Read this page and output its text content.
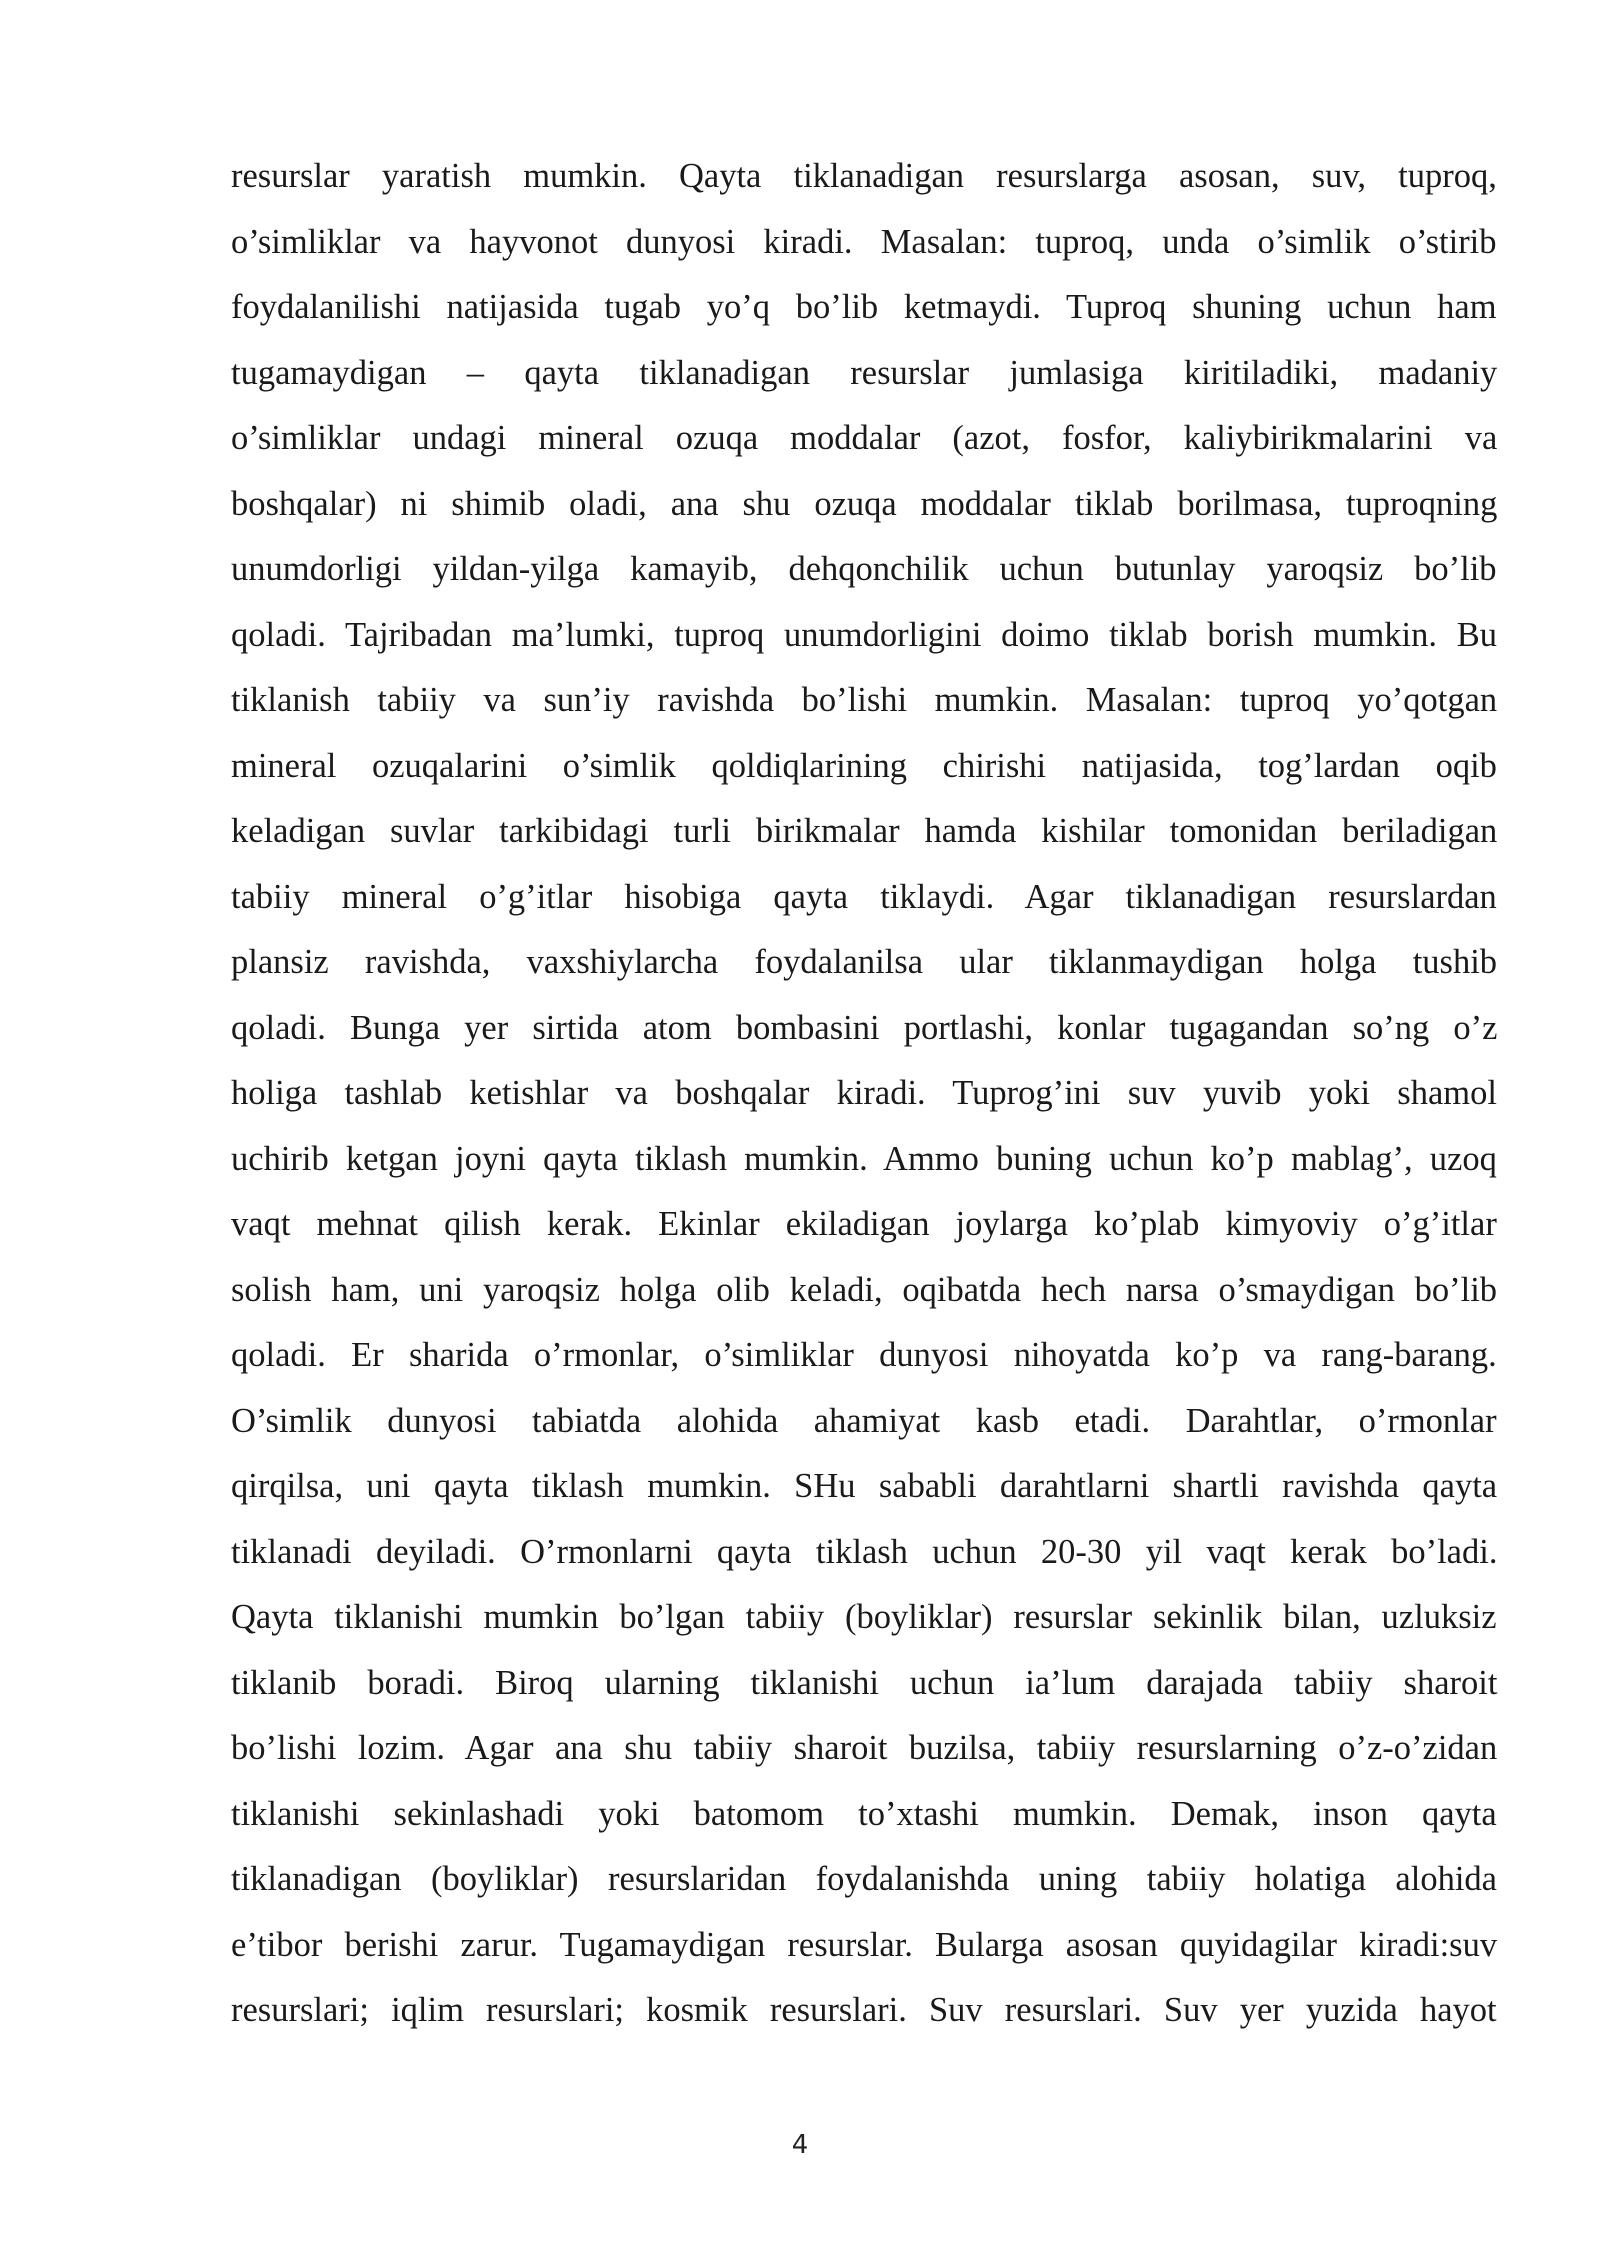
resurslar yaratish mumkin. Qayta tiklanadigan resurslarga asosan, suv, tuproq,
o’simliklar va hayvonot dunyosi kiradi. Masalan: tuproq, unda o’simlik o’stirib
foydalanilishi natijasida tugab yo’q bo’lib ketmaydi. Tuproq shuning uchun ham
tugamaydigan – qayta tiklanadigan resurslar jumlasiga kiritiladiki, madaniy
o’simliklar undagi mineral ozuqa moddalar (azot, fosfor, kaliybirikmalarini va
boshqalar) ni shimib oladi, ana shu ozuqa moddalar tiklab borilmasa, tuproqning
unumdorligi yildan-yilga kamayib, dehqonchilik uchun butunlay yaroqsiz bo’lib
qoladi. Tajribadan ma’lumki, tuproq unumdorligini doimo tiklab borish mumkin. Bu
tiklanish tabiiy va sun’iy ravishda bo’lishi mumkin. Masalan: tuproq yo’qotgan
mineral ozuqalarini o’simlik qoldiqlarining chirishi natijasida, tog’lardan oqib
keladigan suvlar tarkibidagi turli birikmalar hamda kishilar tomonidan beriladigan
tabiiy mineral o’g’itlar hisobiga qayta tiklaydi. Agar tiklanadigan resurslardan
plansiz ravishda, vaxshiylarcha foydalanilsa ular tiklanmaydigan holga tushib
qoladi. Bunga yer sirtida atom bombasini portlashi, konlar tugagandan so’ng o’z
holiga tashlab ketishlar va boshqalar kiradi. Tuprog’ini suv yuvib yoki shamol
uchirib ketgan joyni qayta tiklash mumkin. Ammo buning uchun ko’p mablag’, uzoq
vaqt mehnat qilish kerak. Ekinlar ekiladigan joylarga ko’plab kimyoviy o’g’itlar
solish ham, uni yaroqsiz holga olib keladi, oqibatda hech narsa o’smaydigan bo’lib
qoladi. Er sharida o’rmonlar, o’simliklar dunyosi nihoyatda ko’p va rang-barang.
O’simlik dunyosi tabiatda alohida ahamiyat kasb etadi. Darahtlar, o’rmonlar
qirqilsa, uni qayta tiklash mumkin. SHu sababli darahtlarni shartli ravishda qayta
tiklanadi deyiladi. O’rmonlarni qayta tiklash uchun 20-30 yil vaqt kerak bo’ladi.
Qayta tiklanishi mumkin bo’lgan tabiiy (boyliklar) resurslar sekinlik bilan, uzluksiz
tiklanib boradi. Biroq ularning tiklanishi uchun ia’lum darajada tabiiy sharoit
bo’lishi lozim. Agar ana shu tabiiy sharoit buzilsa, tabiiy resurslarning o’z-o’zidan
tiklanishi sekinlashadi yoki batomom to’xtashi mumkin. Demak, inson qayta
tiklanadigan (boyliklar) resurslaridan foydalanishda uning tabiiy holatiga alohida
e’tibor berishi zarur. Tugamaydigan resurslar. Bularga asosan quyidagilar kiradi:suv
resurslari; iqlim resurslari; kosmik resurslari. Suv resurslari. Suv yer yuzida hayot
4
